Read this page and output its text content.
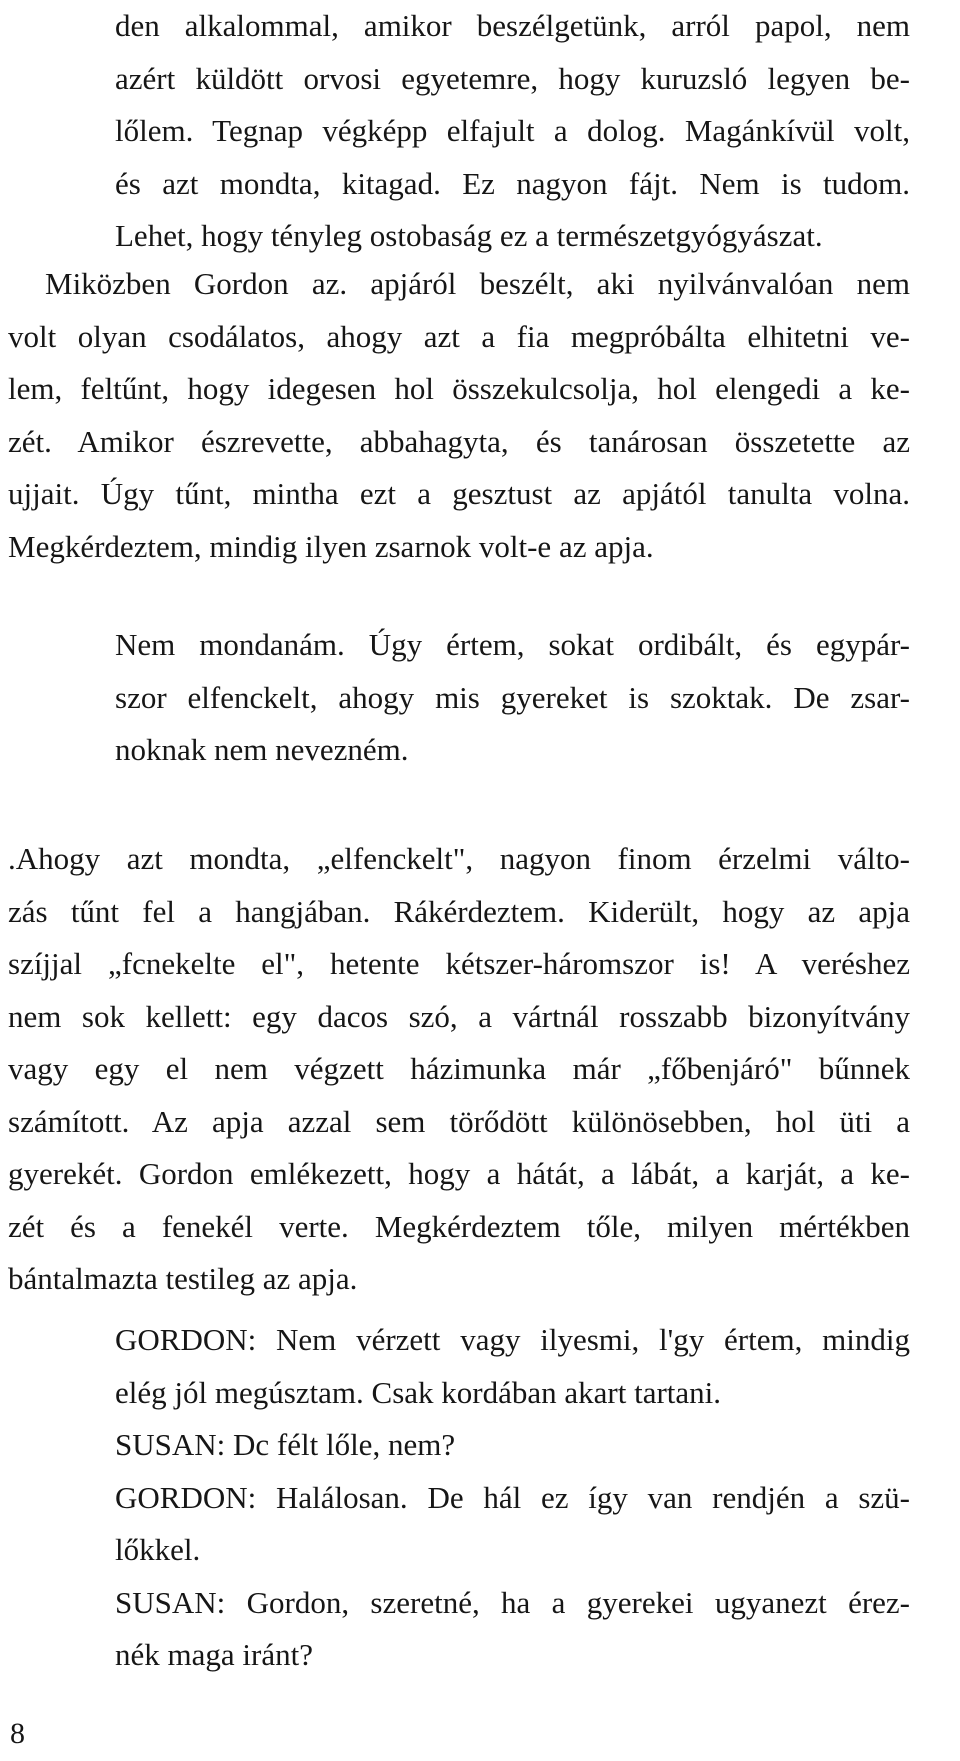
den alkalommal, amikor beszélgetünk, arról papol, nem
azért küldött orvosi egyetemre, hogy kuruzsló legyen be-
lőlem. Tegnap végképp elfajult a dolog. Magánkívül volt,
és azt mondta, kitagad. Ez nagyon fájt. Nem is tudom.
Lehet, hogy tényleg ostobaság ez a természetgyógyászat.
Miközben Gordon az. apjáról beszélt, aki nyilvánvalóan nem
volt olyan csodálatos, ahogy azt a fia megpróbálta elhitetni ve-
lem, feltűnt, hogy idegesen hol összekulcsolja, hol elengedi a ke-
zét. Amikor észrevette, abbahagyta, és tanárosan összetette az
ujjait. Úgy tűnt, mintha ezt a gesztust az apjától tanulta volna.
Megkérdeztem, mindig ilyen zsarnok volt-e az apja.
Nem mondanám. Úgy értem, sokat ordibált, és egypár-
szor elfenckelt, ahogy mis gyereket is szoktak. De zsar-
noknak nem nevezném.
.Ahogy azt mondta, „elfenckelt", nagyon finom érzelmi válto-
zás tűnt fel a hangjában. Rákérdeztem. Kiderült, hogy az apja
szíjjal „fcnekelte el", hetente kétszer-háromszor is! A veréshez
nem sok kellett: egy dacos szó, a vártnál rosszabb bizonyítvány
vagy egy el nem végzett házimunka már „főbenjáró" bűnnek
számított. Az apja azzal sem törődött különösebben, hol üti a
gyerekét. Gordon emlékezett, hogy a hátát, a lábát, a karját, a ke-
zét és a fenekél verte. Megkérdeztem tőle, milyen mértékben
bántalmazta testileg az apja.
GORDON: Nem vérzett vagy ilyesmi, l'gy értem, mindig
elég jól megúsztam. Csak kordában akart tartani.
SUSAN: Dc félt lőle, nem?
GORDON: Halálosan. De hál ez így van rendjén a szü-
lőkkel.
SUSAN: Gordon, szeretné, ha a gyerekei ugyanezt érez-
nék maga iránt?
8
